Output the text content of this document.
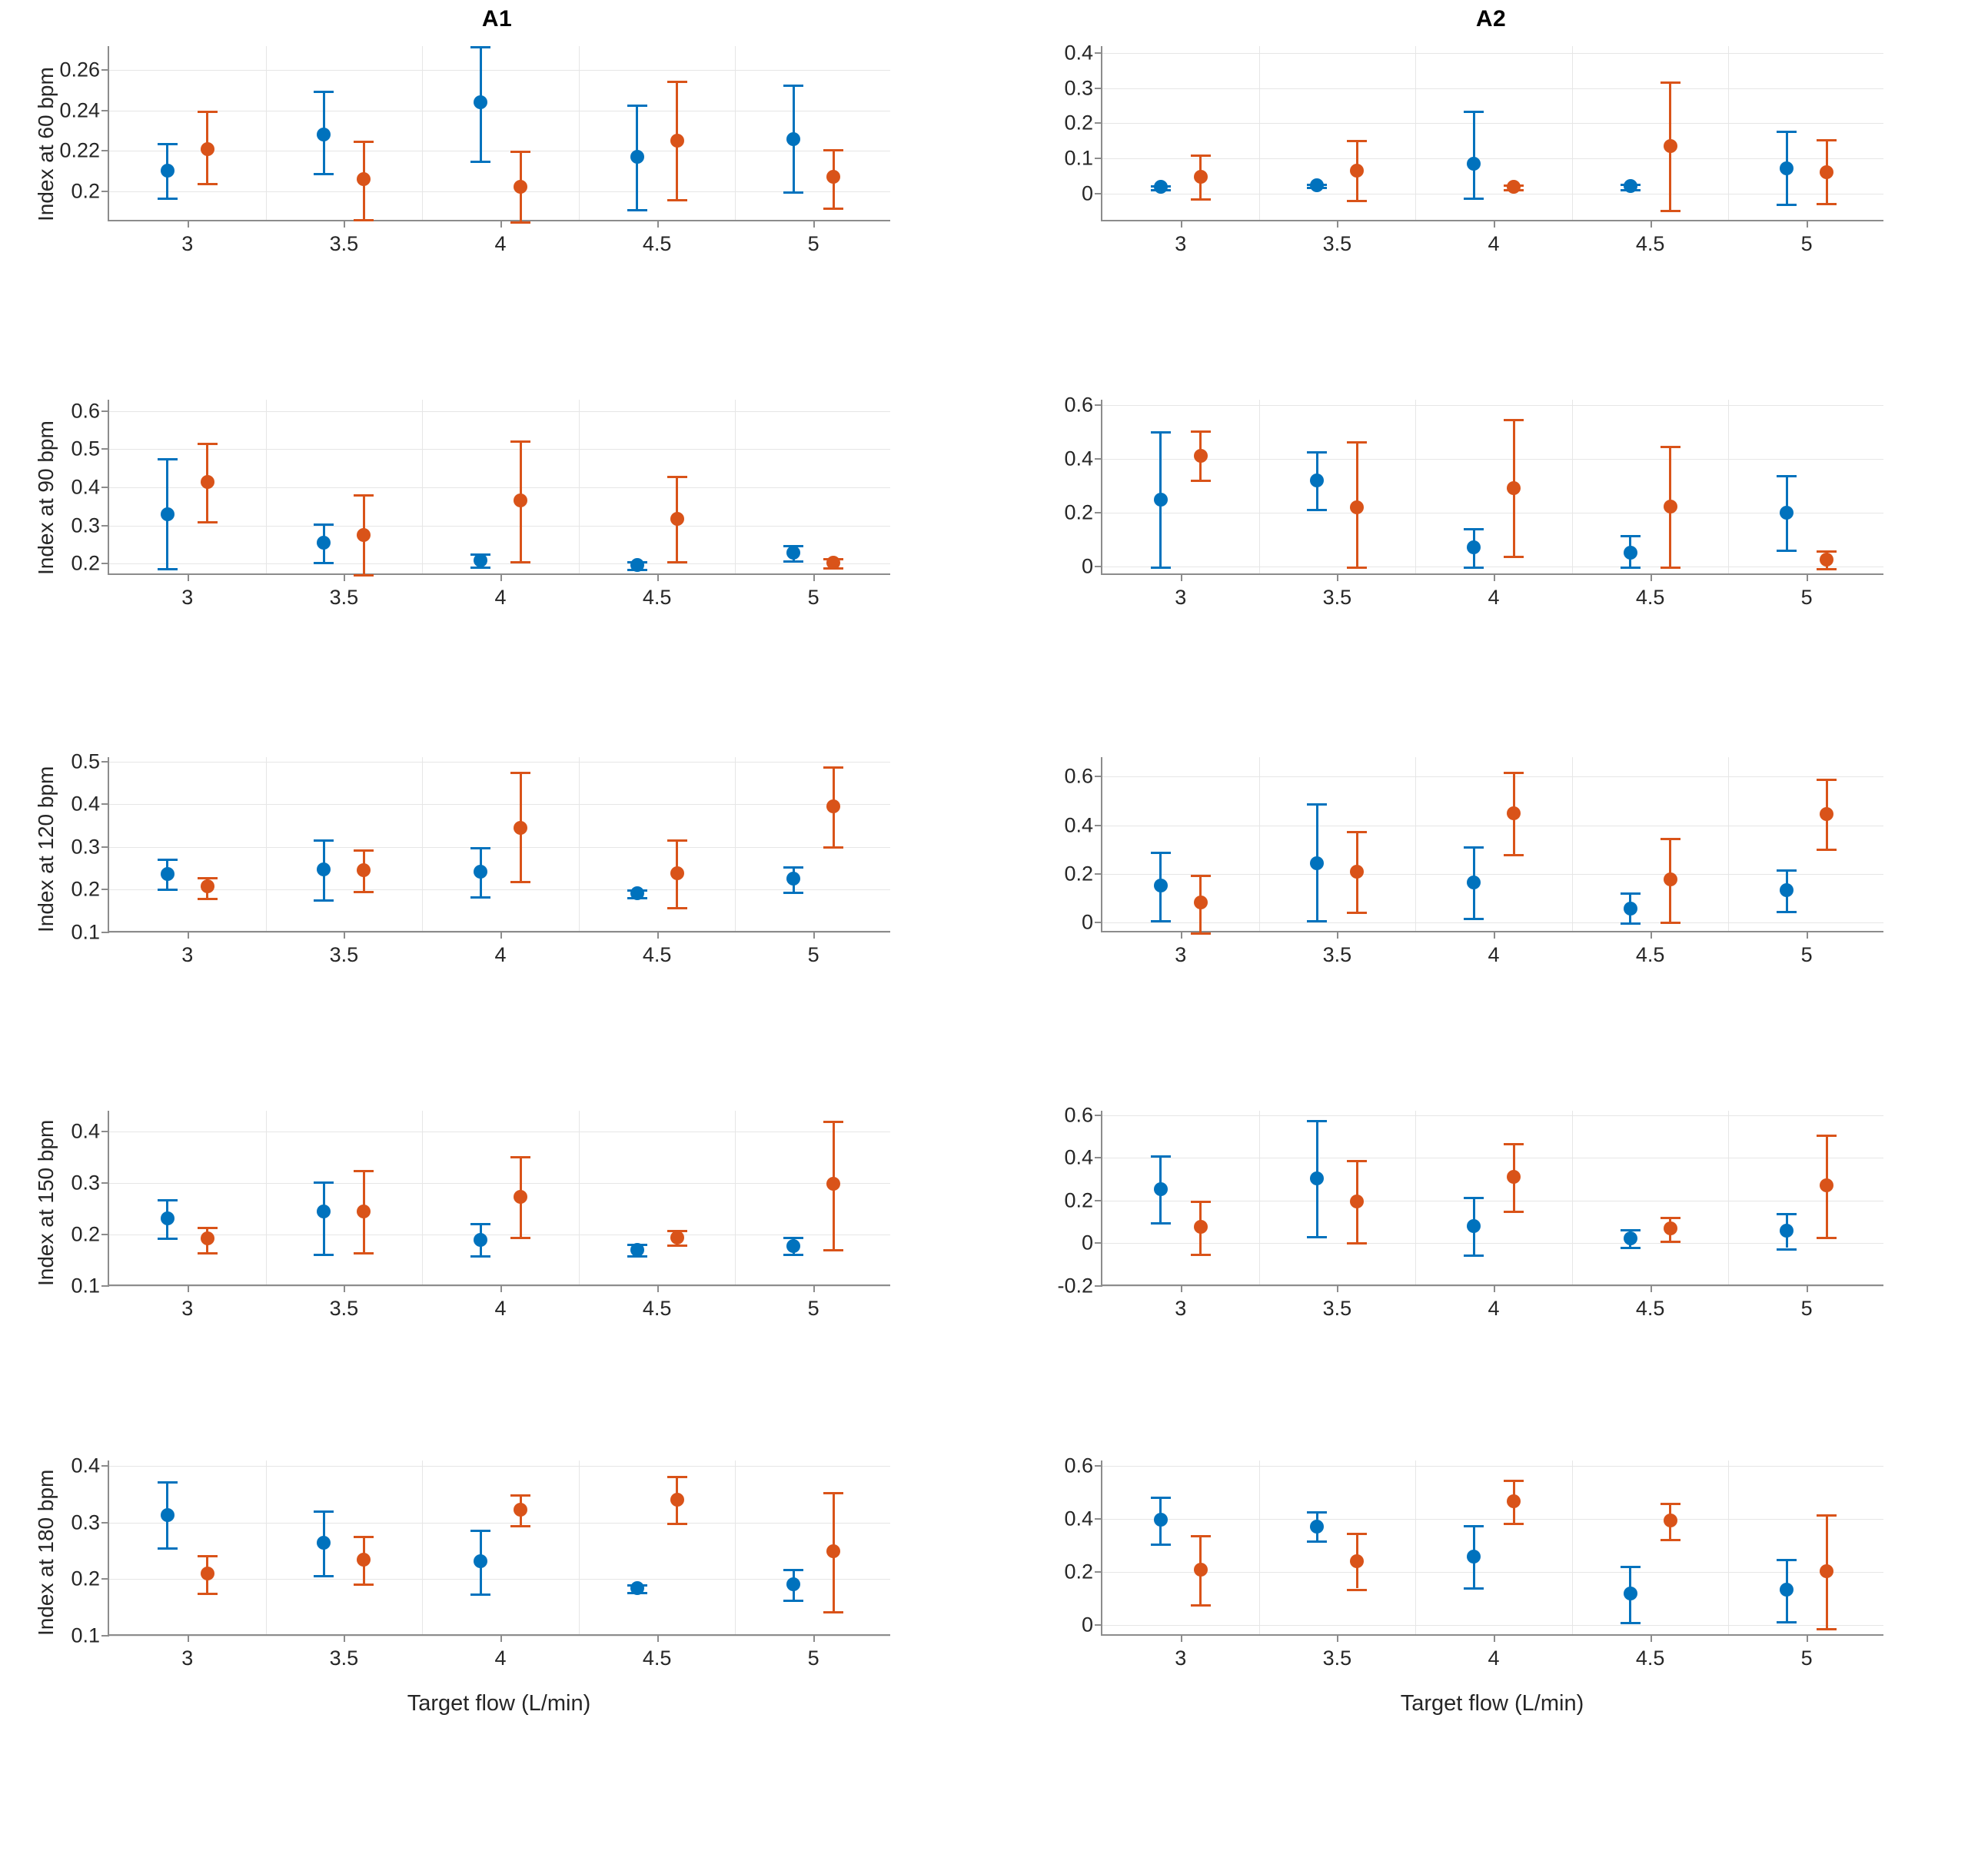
A1	A2
0.2
0.22
0.24
0.26
3	3.5	4	4.5	5
Index at 60 bpm
0.2
0.3
0.4
0.5
0.6
3	3.5	4	4.5	5
Index at 90 bpm
0.1
0.2
0.3
0.4
0.5
3	3.5	4	4.5	5
Index at 120 bpm
0.1
0.2
0.3
0.4
3	3.5	4	4.5	5
Index at 150 bpm
0.1
0.2
0.3
0.4
3	3.5	4	4.5	5
Index at 180 bpm
Target flow (L/min)
0
0.1
0.2
0.3
0.4
3	3.5	4	4.5	5
0
0.2
0.4
0.6
3	3.5	4	4.5	5
0
0.2
0.4
0.6
3	3.5	4	4.5	5
-0.2
0
0.2
0.4
0.6
3	3.5	4	4.5	5
0
0.2
0.4
0.6
3	3.5	4	4.5	5
Target flow (L/min)
